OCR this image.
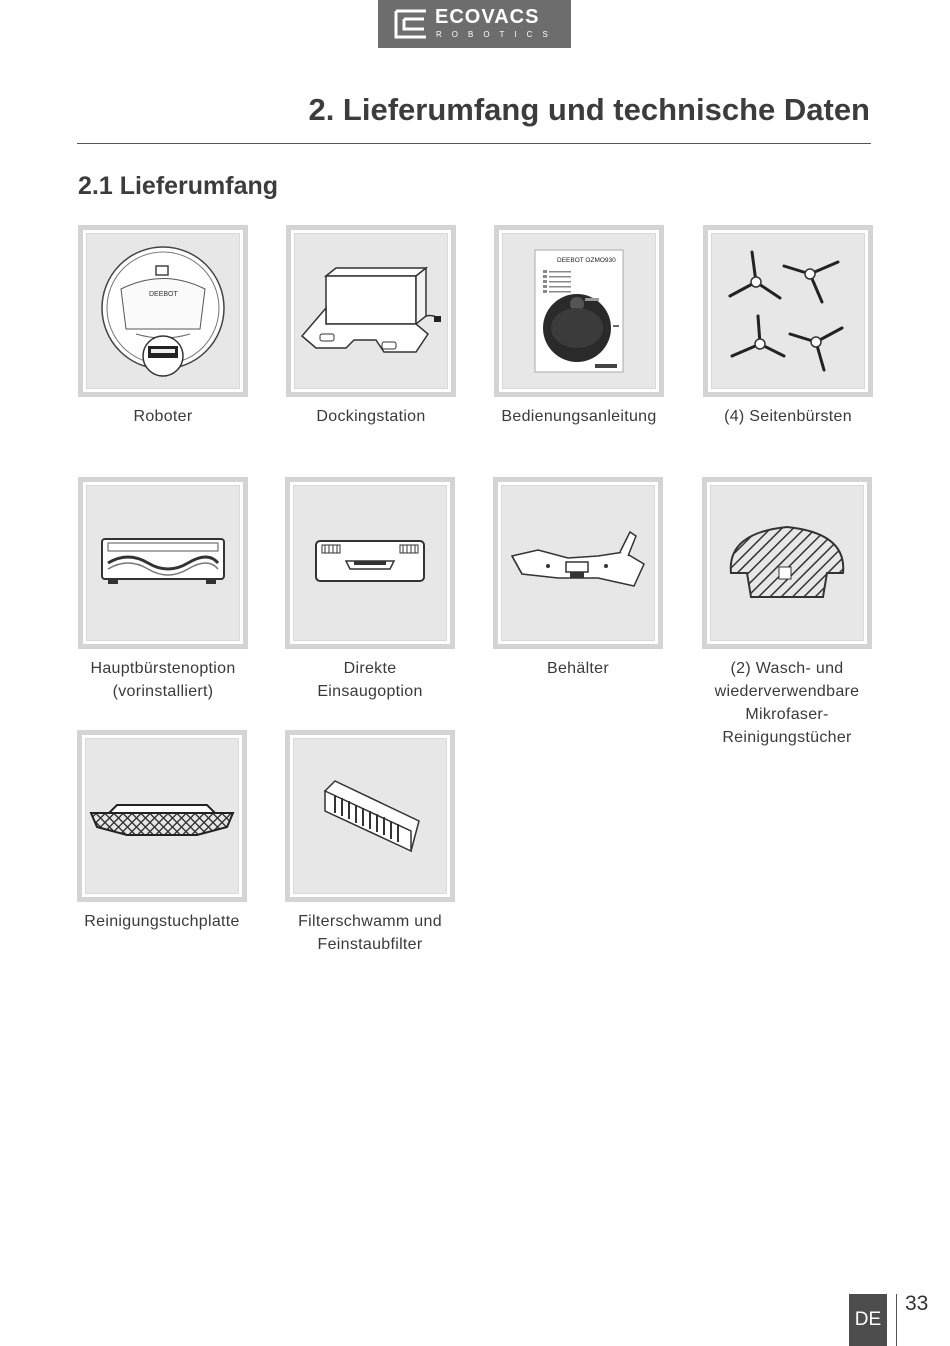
ECOVACS
ROBOTICS
2. Lieferumfang und technische Daten
2.1 Lieferumfang
DEEBOT
Roboter	Dockingstation
DEEBOT OZMO930
Bedienungsanleitung	(4) Seitenbürsten
Hauptbürstenoption
(vorinstalliert)
Direkte
Einsaugoption
Behälter	(2) Wasch- und
wiederverwendbare
Mikrofaser-
Reinigungstücher
Reinigungstuchplatte	Filterschwamm und
Feinstaubfilter
DE
33
